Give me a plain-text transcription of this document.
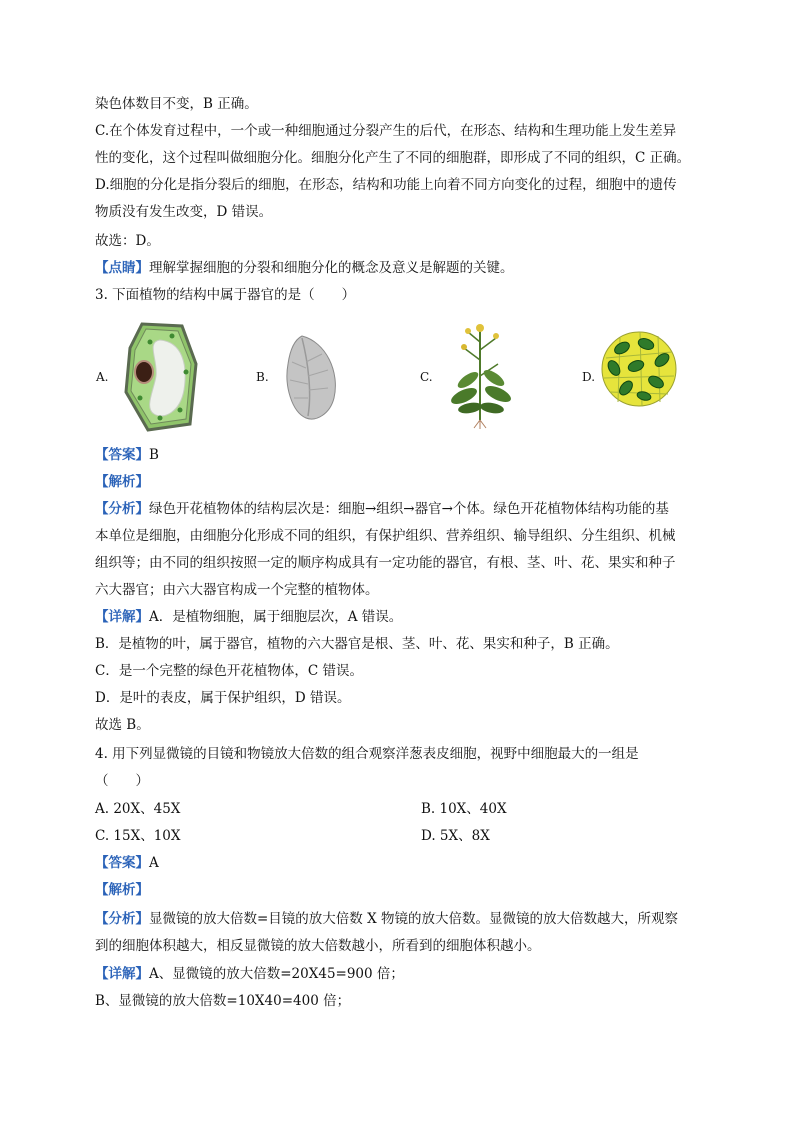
染色体数目不变，B 正确。
C.在个体发育过程中，一个或一种细胞通过分裂产生的后代，在形态、结构和生理功能上发生差异
性的变化，这个过程叫做细胞分化。细胞分化产生了不同的细胞群，即形成了不同的组织，C 正确。
D.细胞的分化是指分裂后的细胞，在形态，结构和功能上向着不同方向变化的过程，细胞中的遗传
物质没有发生改变，D 错误。
故选：D。
【点睛】理解掌握细胞的分裂和细胞分化的概念及意义是解题的关键。
3. 下面植物的结构中属于器官的是（　　）
A.	B.	C.	D.
【答案】B
【解析】
【分析】绿色开花植物体的结构层次是：细胞→组织→器官→个体。绿色开花植物体结构功能的基
本单位是细胞，由细胞分化形成不同的组织，有保护组织、营养组织、输导组织、分生组织、机械
组织等；由不同的组织按照一定的顺序构成具有一定功能的器官，有根、茎、叶、花、果实和种子
六大器官；由六大器官构成一个完整的植物体。
【详解】A．是植物细胞，属于细胞层次，A 错误。
B．是植物的叶，属于器官，植物的六大器官是根、茎、叶、花、果实和种子，B 正确。
C．是一个完整的绿色开花植物体，C 错误。
D．是叶的表皮，属于保护组织，D 错误。
故选 B。
4. 用下列显微镜的目镜和物镜放大倍数的组合观察洋葱表皮细胞，视野中细胞最大的一组是
（　　）
A. 20X、45X	B. 10X、40X
C. 15X、10X	D. 5X、8X
【答案】A
【解析】
【分析】显微镜的放大倍数=目镜的放大倍数 X 物镜的放大倍数。显微镜的放大倍数越大，所观察
到的细胞体积越大，相反显微镜的放大倍数越小，所看到的细胞体积越小。
【详解】A、显微镜的放大倍数=20X45=900 倍；
B、显微镜的放大倍数=10X40=400 倍；
